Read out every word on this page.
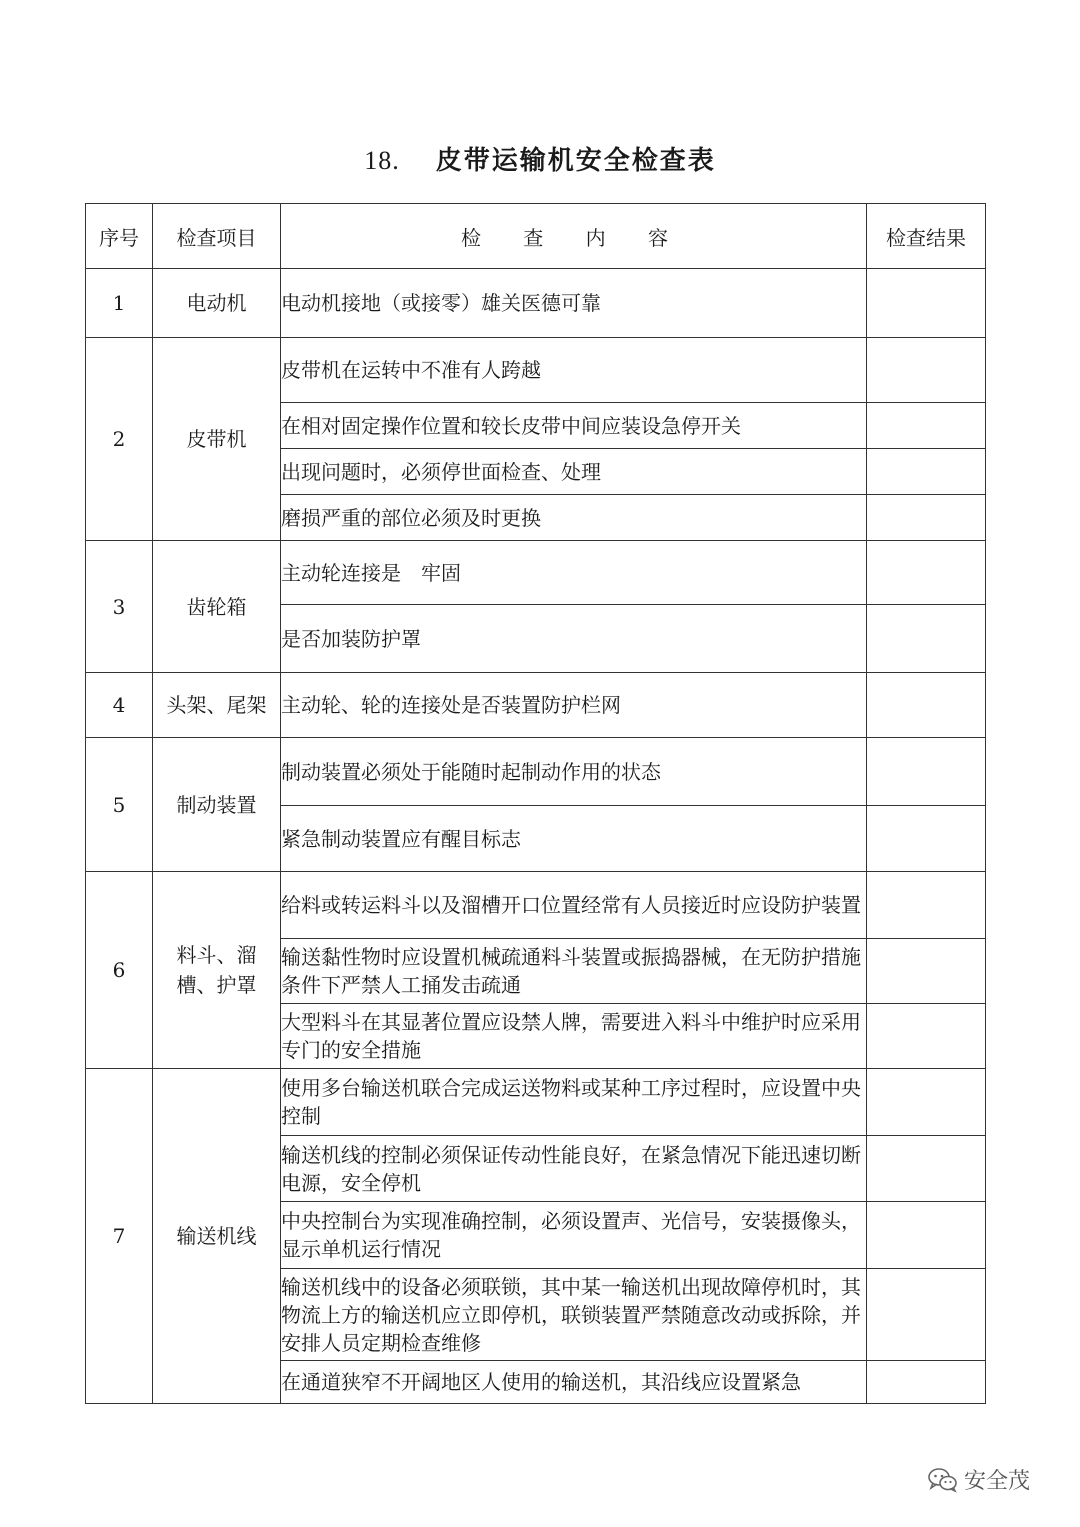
18. 皮带运输机安全检查表
序号	检查项目	检 查 内 容	检查结果
1	电动机	电动机接地（或接零）雄关医德可靠	
2	皮带机	皮带机在运转中不准有人跨越	
		在相对固定操作位置和较长皮带中间应装设急停开关	
		出现问题时，必须停世面检查、处理	
		磨损严重的部位必须及时更换	
3	齿轮箱	主动轮连接是　牢固	
		是否加装防护罩	
4	头架、尾架	主动轮、轮的连接处是否装置防护栏网	
5	制动装置	制动装置必须处于能随时起制动作用的状态	
		紧急制动装置应有醒目标志	
6	料斗、溜槽、护罩	给料或转运料斗以及溜槽开口位置经常有人员接近时应设防护装置	
		输送黏性物时应设置机械疏通料斗装置或振捣器械，在无防护措施条件下严禁人工捅发击疏通	
		大型料斗在其显著位置应设禁人牌，需要进入料斗中维护时应采用专门的安全措施	
7	输送机线	使用多台输送机联合完成运送物料或某种工序过程时，应设置中央控制	
		输送机线的控制必须保证传动性能良好，在紧急情况下能迅速切断电源，安全停机	
		中央控制台为实现准确控制，必须设置声、光信号，安装摄像头，显示单机运行情况	
		输送机线中的设备必须联锁，其中某一输送机出现故障停机时，其物流上方的输送机应立即停机，联锁装置严禁随意改动或拆除，并安排人员定期检查维修	
		在通道狭窄不开阔地区人使用的输送机，其沿线应设置紧急	
安全茂
